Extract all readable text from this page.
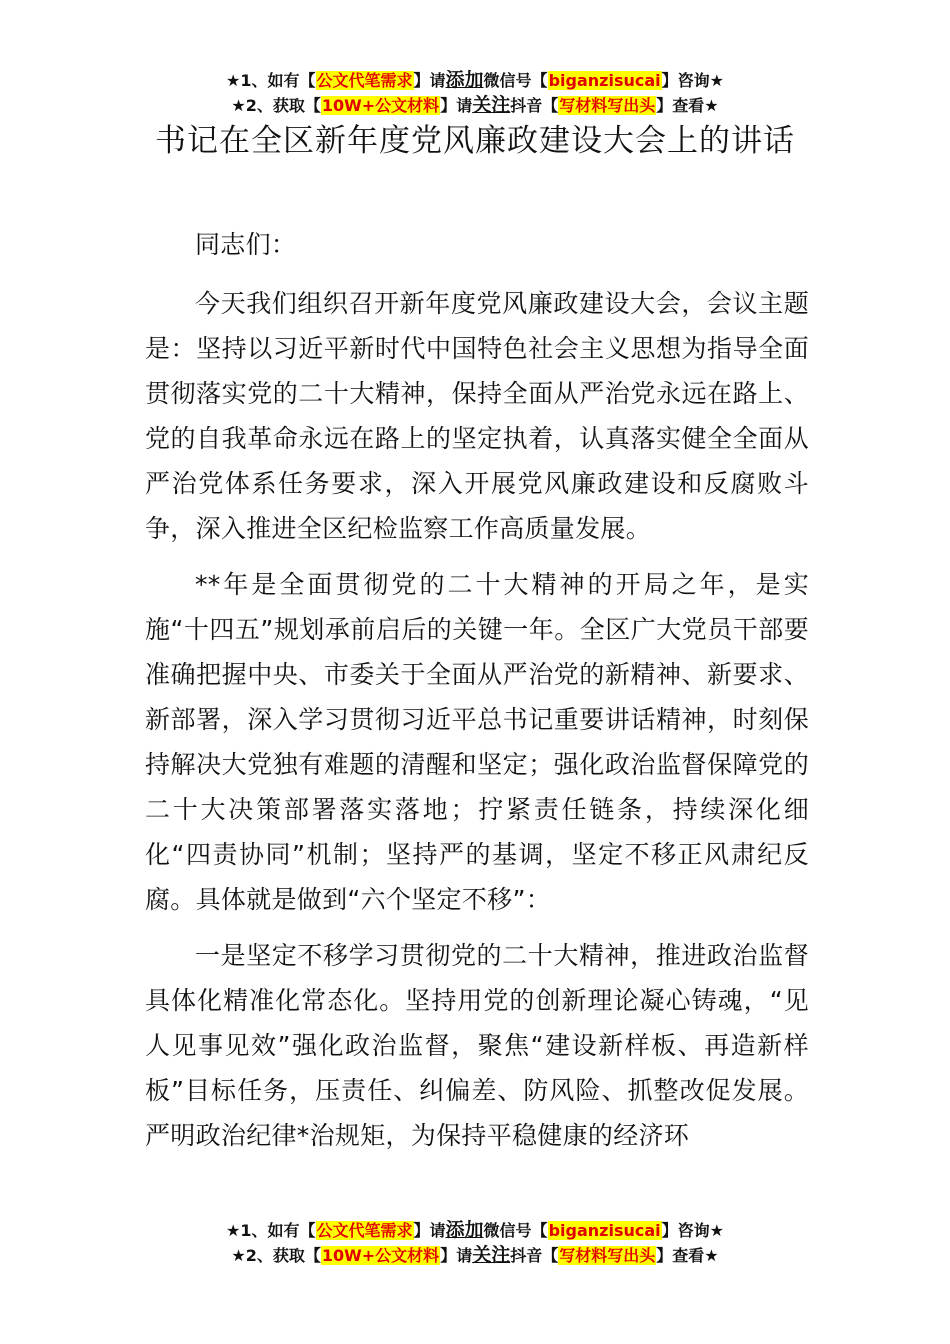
★1、如有【公文代笔需求】请添加微信号【biganzisucai】咨询★
★2、获取【10W+公文材料】请关注抖音【写材料写出头】查看★
书记在全区新年度党风廉政建设大会上的讲话

同志们：

今天我们组织召开新年度党风廉政建设大会，会议主题是：坚持以习近平新时代中国特色社会主义思想为指导全面贯彻落实党的二十大精神，保持全面从严治党永远在路上、党的自我革命永远在路上的坚定执着，认真落实健全全面从严治党体系任务要求，深入开展党风廉政建设和反腐败斗争，深入推进全区纪检监察工作高质量发展。

**年是全面贯彻党的二十大精神的开局之年，是实施“十四五”规划承前启后的关键一年。全区广大党员干部要准确把握中央、市委关于全面从严治党的新精神、新要求、新部署，深入学习贯彻习近平总书记重要讲话精神，时刻保持解决大党独有难题的清醒和坚定；强化政治监督保障党的二十大决策部署落实落地；拧紧责任链条，持续深化细化“四责协同”机制；坚持严的基调，坚定不移正风肃纪反腐。具体就是做到“六个坚定不移”：

一是坚定不移学习贯彻党的二十大精神，推进政治监督具体化精准化常态化。坚持用党的创新理论凝心铸魂，“见人见事见效”强化政治监督，聚焦“建设新样板、再造新样板”目标任务，压责任、纠偏差、防风险、抓整改促发展。严明政治纪律*治规矩，为保持平稳健康的经济环

★1、如有【公文代笔需求】请添加微信号【biganzisucai】咨询★
★2、获取【10W+公文材料】请关注抖音【写材料写出头】查看★
